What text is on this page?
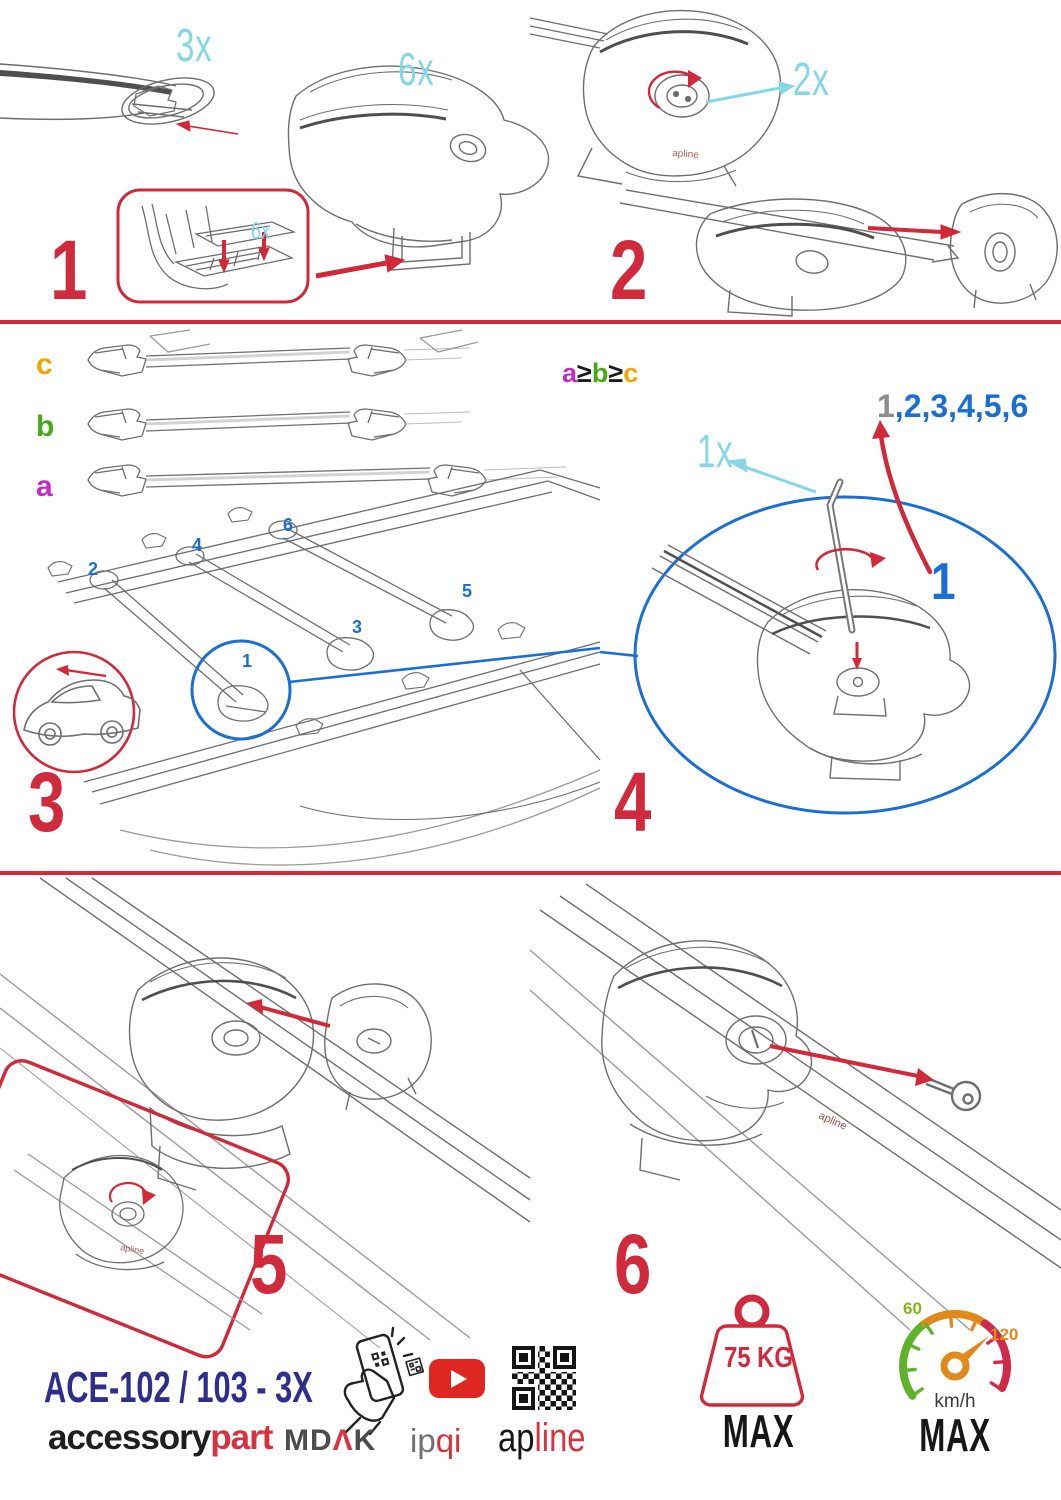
3x	6x
6x
1
apline
2x
2
c
b
a
a≥b≥c
2
4
6
3
5
1
3
1x
1,2,3,4,5,6
1
4
apline 5
apline
6
ACE-102 / 103 - 3X
accessorypart MDΛK ipqi apline
75 KG
MAX
60
120
km/h
MAX
